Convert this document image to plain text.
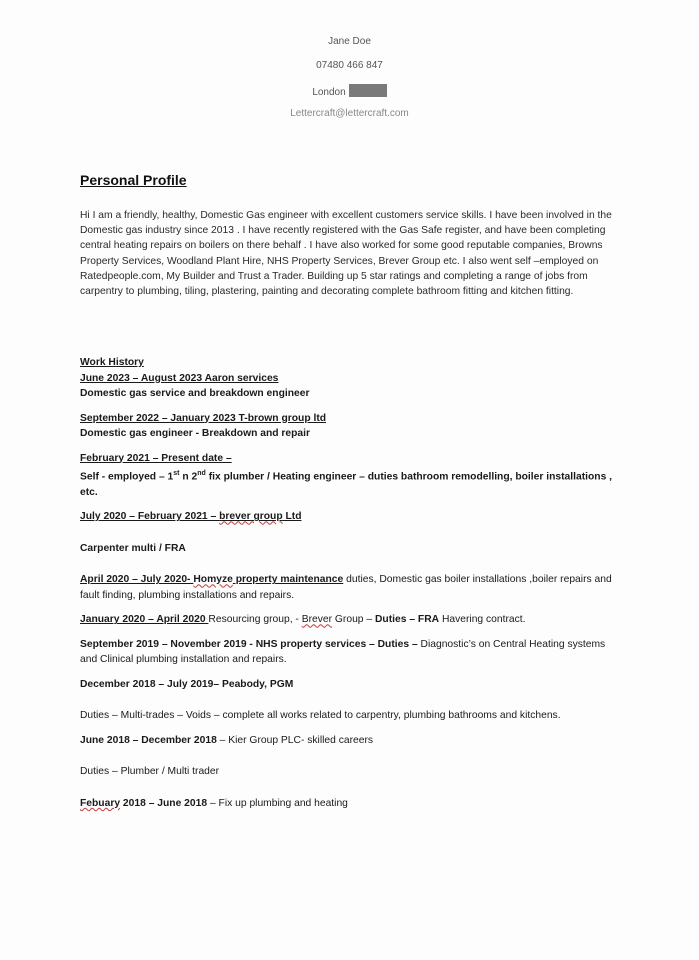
Jane Doe
07480 466 847
London
Lettercraft@lettercraft.com
Personal Profile
Hi I am a friendly, healthy, Domestic Gas engineer with excellent customers service skills. I have been involved in the Domestic gas industry since 2013 . I have recently registered with the Gas Safe register, and have been completing central heating repairs on boilers on there behalf . I have also worked for some good reputable companies, Browns Property Services, Woodland Plant Hire, NHS Property Services, Brever Group etc. I also went self –employed on Ratedpeople.com, My Builder and Trust a Trader. Building up 5 star ratings and completing a range of jobs from carpentry to plumbing, tiling, plastering, painting and decorating complete bathroom fitting and kitchen fitting.
Work History
June 2023 – August 2023 Aaron services
Domestic gas service and breakdown engineer
September 2022 – January 2023 T-brown group ltd
Domestic gas engineer - Breakdown and repair
February 2021 – Present date –
Self - employed – 1st n 2nd fix plumber / Heating engineer – duties bathroom remodelling, boiler installations , etc.
July 2020 – February 2021 – brever group Ltd
Carpenter multi / FRA
April 2020 – July 2020- Homyze property maintenance duties, Domestic gas boiler installations ,boiler repairs and fault finding, plumbing installations and repairs.
January 2020 – April 2020 Resourcing group, - Brever Group – Duties – FRA Havering contract.
September 2019 – November 2019 - NHS property services – Duties – Diagnostic’s on Central Heating systems and Clinical plumbing installation and repairs.
December 2018 – July 2019– Peabody, PGM
Duties – Multi-trades – Voids – complete all works related to carpentry, plumbing bathrooms and kitchens.
June 2018 – December 2018 – Kier Group PLC- skilled careers
Duties – Plumber / Multi trader
Febuary 2018 – June 2018 – Fix up plumbing and heating
